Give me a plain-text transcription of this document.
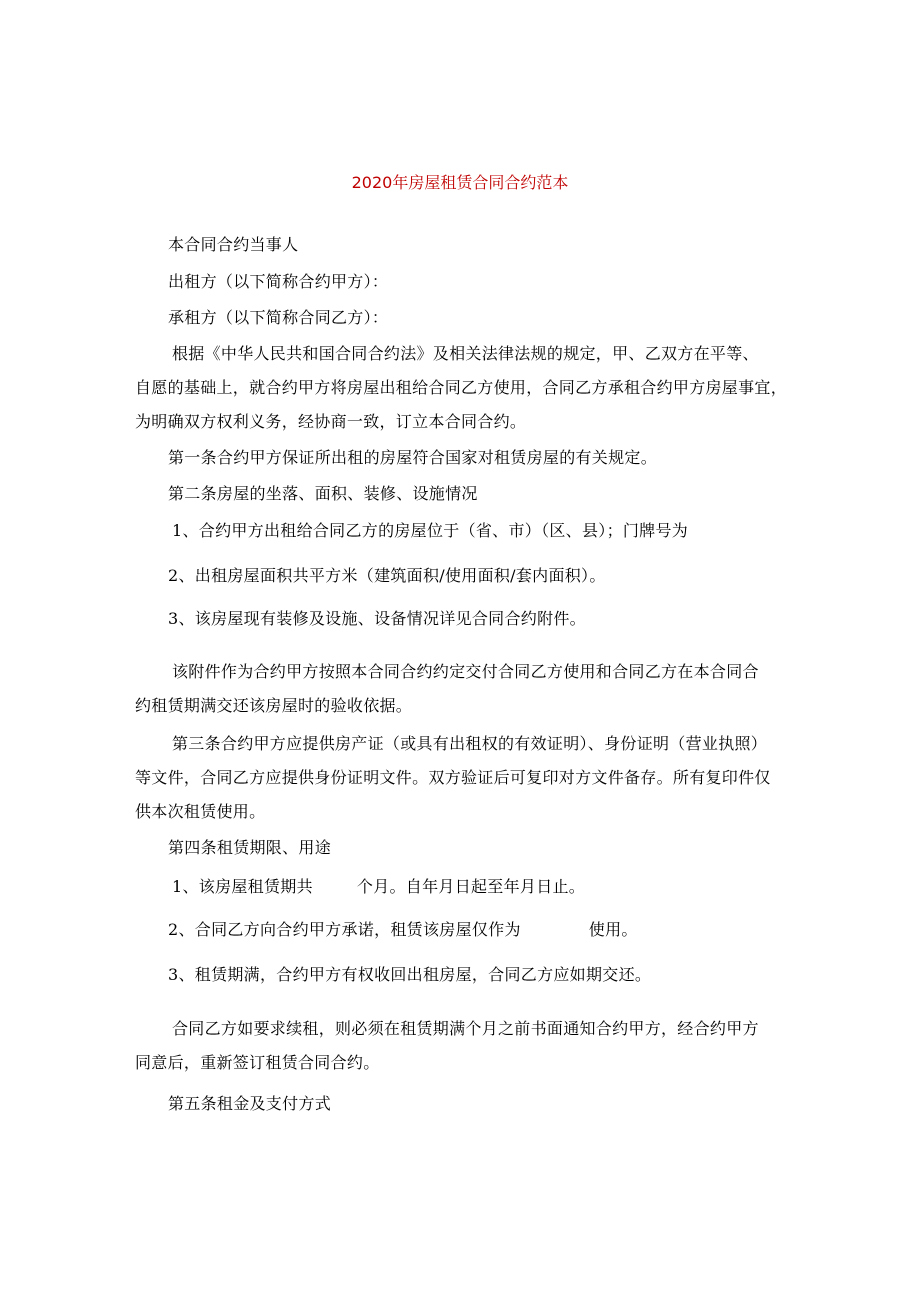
2020年房屋租赁合同合约范本
本合同合约当事人
出租方（以下简称合约甲方）：
承租方（以下简称合同乙方）：
根据《中华人民共和国合同合约法》及相关法律法规的规定，甲、乙双方在平等、
自愿的基础上，就合约甲方将房屋出租给合同乙方使用，合同乙方承租合约甲方房屋事宜，
为明确双方权利义务，经协商一致，订立本合同合约。
第一条合约甲方保证所出租的房屋符合国家对租赁房屋的有关规定。
第二条房屋的坐落、面积、装修、设施情况
1、合约甲方出租给合同乙方的房屋位于（省、市）（区、县）；门牌号为
2、出租房屋面积共平方米（建筑面积/使用面积/套内面积）。
3、该房屋现有装修及设施、设备情况详见合同合约附件。
该附件作为合约甲方按照本合同合约约定交付合同乙方使用和合同乙方在本合同合
约租赁期满交还该房屋时的验收依据。
第三条合约甲方应提供房产证（或具有出租权的有效证明）、身份证明（营业执照）
等文件，合同乙方应提供身份证明文件。双方验证后可复印对方文件备存。所有复印件仅
供本次租赁使用。
第四条租赁期限、用途
1、该房屋租赁期共	个月。自年月日起至年月日止。
2、合同乙方向合约甲方承诺，租赁该房屋仅作为	使用。
3、租赁期满，合约甲方有权收回出租房屋，合同乙方应如期交还。
合同乙方如要求续租，则必须在租赁期满个月之前书面通知合约甲方，经合约甲方
同意后，重新签订租赁合同合约。
第五条租金及支付方式
